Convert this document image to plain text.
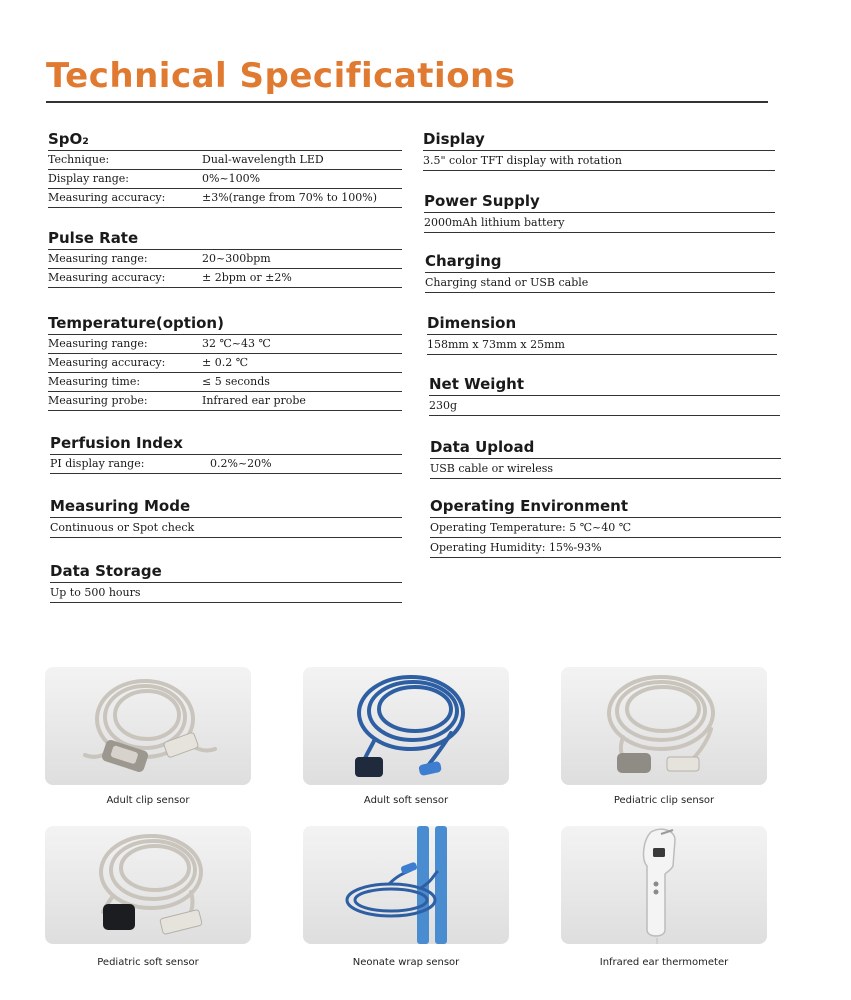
Technical Specifications
SpO₂
Technique:	Dual-wavelength LED
Display range:	0%~100%
Measuring accuracy:	±3%(range from 70% to 100%)
Pulse Rate
Measuring range:	20~300bpm
Measuring accuracy:	± 2bpm or ±2%
Temperature(option)
Measuring range:	32 ℃~43 ℃
Measuring accuracy:	± 0.2 ℃
Measuring time:	≤ 5 seconds
Measuring probe:	Infrared ear probe
Perfusion Index
PI display range:	0.2%~20%
Measuring Mode
Continuous or Spot check
Data Storage
Up to 500 hours
Display
3.5" color TFT display with rotation
Power Supply
2000mAh lithium battery
Charging
Charging stand or USB cable
Dimension
158mm x 73mm x 25mm
Net Weight
230g
Data Upload
USB cable or wireless
Operating Environment
Operating Temperature: 5 ℃~40 ℃
Operating Humidity: 15%-93%
Adult clip sensor	Adult soft sensor	Pediatric clip sensor
Pediatric soft sensor	Neonate wrap sensor	Infrared ear thermometer
